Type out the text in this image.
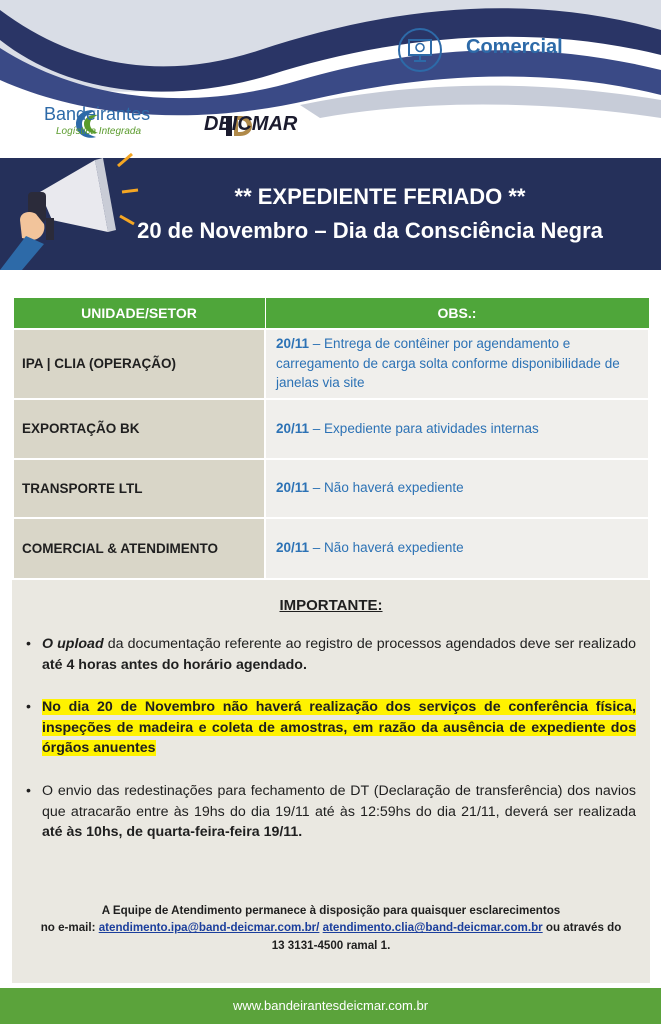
Comercial
Bandeirantes
Logística Integrada	DEICMAR
** EXPEDIENTE FERIADO **
20 de Novembro – Dia da Consciência Negra
UNIDADE/SETOR	OBS.:
IPA | CLIA (OPERAÇÃO)	20/11 – Entrega de contêiner por agendamento e carregamento de carga solta conforme disponibilidade de janelas via site
EXPORTAÇÃO BK	20/11 – Expediente para atividades internas
TRANSPORTE LTL	20/11 – Não haverá expediente
COMERCIAL & ATENDIMENTO	20/11 – Não haverá expediente
IMPORTANTE:
• O upload da documentação referente ao registro de processos agendados deve ser realizado até 4 horas antes do horário agendado.
• No dia 20 de Novembro não haverá realização dos serviços de conferência física, inspeções de madeira e coleta de amostras, em razão da ausência de expediente dos órgãos anuentes
• O envio das redestinações para fechamento de DT (Declaração de transferência) dos navios que atracarão entre às 19hs do dia 19/11 até às 12:59hs do dia 21/11, deverá ser realizada até às 10hs, de quarta-feira-feira 19/11.
A Equipe de Atendimento permanece à disposição para quaisquer esclarecimentos
no e-mail: atendimento.ipa@band-deicmar.com.br/ atendimento.clia@band-deicmar.com.br ou através do
13 3131-4500 ramal 1.
www.bandeirantesdeicmar.com.br
